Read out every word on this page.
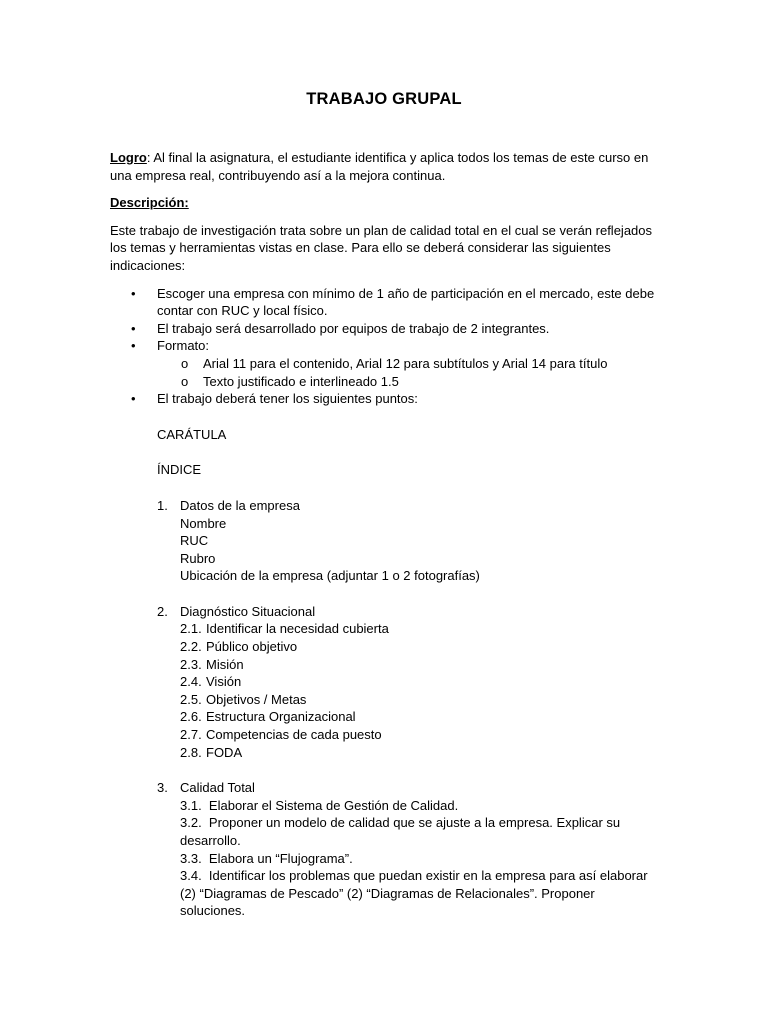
TRABAJO GRUPAL

Logro: Al final la asignatura, el estudiante identifica y aplica todos los temas de este curso en una empresa real, contribuyendo así a la mejora continua.

Descripción:

Este trabajo de investigación trata sobre un plan de calidad total en el cual se verán reflejados los temas y herramientas vistas en clase. Para ello se deberá considerar las siguientes indicaciones:

• Escoger una empresa con mínimo de 1 año de participación en el mercado, este debe contar con RUC y local físico.
• El trabajo será desarrollado por equipos de trabajo de 2 integrantes.
• Formato:
o Arial 11 para el contenido, Arial 12 para subtítulos y Arial 14 para título
o Texto justificado e interlineado 1.5
• El trabajo deberá tener los siguientes puntos:

CARÁTULA

ÍNDICE

1. Datos de la empresa

Nombre

RUC

Rubro

Ubicación de la empresa (adjuntar 1 o 2 fotografías)

2. Diagnóstico Situacional

2.1. Identificar la necesidad cubierta
2.2. Público objetivo
2.3. Misión
2.4. Visión
2.5. Objetivos / Metas
2.6. Estructura Organizacional
2.7. Competencias de cada puesto
2.8. FODA
3. Calidad Total

3.1. Elaborar el Sistema de Gestión de Calidad.

3.2. Proponer un modelo de calidad que se ajuste a la empresa. Explicar su

desarrollo.

3.3. Elabora un “Flujograma”.

3.4. Identificar los problemas que puedan existir en la empresa para así elaborar

(2) “Diagramas de Pescado” (2) “Diagramas de Relacionales”. Proponer soluciones.
